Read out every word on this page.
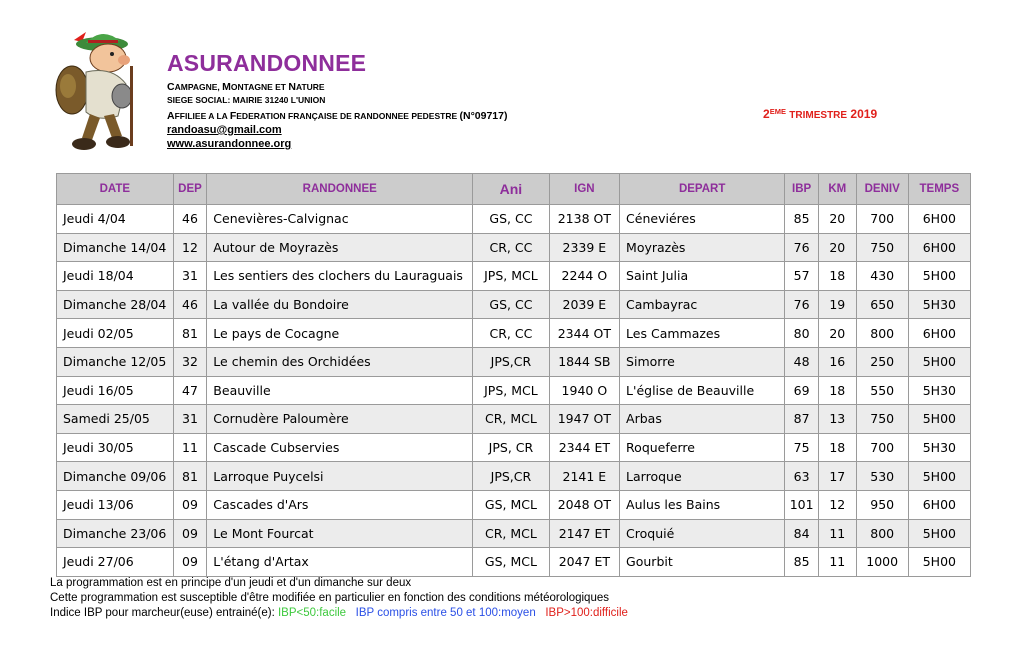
ASURANDONNEE
CAMPAGNE, MONTAGNE ET NATURE
SIEGE SOCIAL: MAIRIE 31240 L'UNION
AFFILIEE A LA FEDERATION FRANÇAISE DE RANDONNEE PEDESTRE (N°09717)
randoasu@gmail.com
www.asurandonnee.org
2EME TRIMESTRE 2019
DATE	DEP	RANDONNEE	Ani	IGN	DEPART	IBP	KM	DENIV	TEMPS
Jeudi 4/04	46	Cenevières-Calvignac	GS, CC	2138 OT	Céneviéres	85	20	700	6H00
Dimanche 14/04	12	Autour de Moyrazès	CR, CC	2339 E	Moyrazès	76	20	750	6H00
Jeudi 18/04	31	Les sentiers des clochers du Lauraguais	JPS, MCL	2244 O	Saint Julia	57	18	430	5H00
Dimanche 28/04	46	La vallée du Bondoire	GS, CC	2039 E	Cambayrac	76	19	650	5H30
Jeudi 02/05	81	Le pays de Cocagne	CR, CC	2344 OT	Les Cammazes	80	20	800	6H00
Dimanche 12/05	32	Le chemin des Orchidées	JPS,CR	1844 SB	Simorre	48	16	250	5H00
Jeudi 16/05	47	Beauville	JPS, MCL	1940 O	L'église de Beauville	69	18	550	5H30
Samedi 25/05	31	Cornudère Paloumère	CR, MCL	1947 OT	Arbas	87	13	750	5H00
Jeudi 30/05	11	Cascade Cubservies	JPS, CR	2344 ET	Roqueferre	75	18	700	5H30
Dimanche 09/06	81	Larroque Puycelsi	JPS,CR	2141 E	Larroque	63	17	530	5H00
Jeudi 13/06	09	Cascades d'Ars	GS, MCL	2048 OT	Aulus les Bains	101	12	950	6H00
Dimanche 23/06	09	Le Mont Fourcat	CR, MCL	2147 ET	Croquié	84	11	800	5H00
Jeudi 27/06	09	L'étang d'Artax	GS, MCL	2047 ET	Gourbit	85	11	1000	5H00
La programmation est en principe d'un jeudi et d'un dimanche sur deux
Cette programmation est susceptible d'être modifiée en particulier en fonction des conditions météorologiques
Indice IBP pour marcheur(euse) entrainé(e): IBP<50:facile IBP compris entre 50 et 100:moyen IBP>100:difficile
